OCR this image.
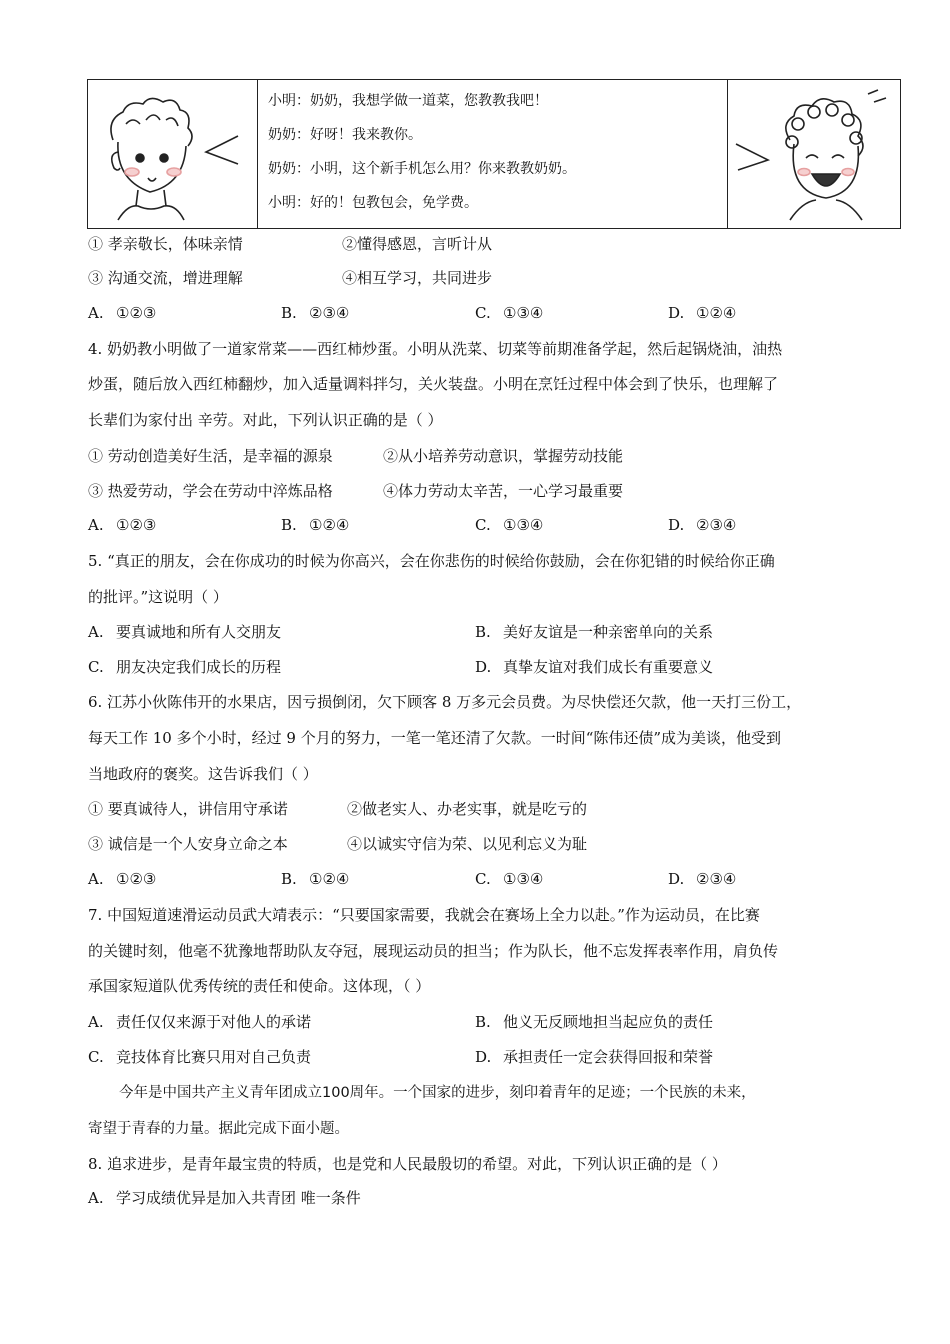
小明：奶奶，我想学做一道菜，您教教我吧！
奶奶：好呀！我来教你。
奶奶：小明，这个新手机怎么用？你来教教奶奶。
小明：好的！包教包会，免学费。
① 孝亲敬长，体味亲情	②懂得感恩，言听计从
③ 沟通交流，增进理解	④相互学习，共同进步
A. ①②③	B. ②③④	C. ①③④	D. ①②④
4. 奶奶教小明做了一道家常菜——西红柿炒蛋。小明从洗菜、切菜等前期准备学起，然后起锅烧油，油热
炒蛋，随后放入西红柿翻炒，加入适量调料拌匀，关火装盘。小明在烹饪过程中体会到了快乐，也理解了
长辈们为家付出 辛劳。对此，下列认识正确的是（ ）
① 劳动创造美好生活，是幸福的源泉	②从小培养劳动意识，掌握劳动技能
③ 热爱劳动，学会在劳动中淬炼品格	④体力劳动太辛苦，一心学习最重要
A. ①②③	B. ①②④	C. ①③④	D. ②③④
5. “真正的朋友，会在你成功的时候为你高兴，会在你悲伤的时候给你鼓励，会在你犯错的时候给你正确
的批评。”这说明（ ）
A. 要真诚地和所有人交朋友	B. 美好友谊是一种亲密单向的关系
C. 朋友决定我们成长的历程	D. 真挚友谊对我们成长有重要意义
6. 江苏小伙陈伟开的水果店，因亏损倒闭，欠下顾客 8 万多元会员费。为尽快偿还欠款，他一天打三份工，
每天工作 10 多个小时，经过 9 个月的努力，一笔一笔还清了欠款。一时间“陈伟还债”成为美谈，他受到
当地政府的褒奖。这告诉我们（ ）
① 要真诚待人，讲信用守承诺	②做老实人、办老实事，就是吃亏的
③ 诚信是一个人安身立命之本	④以诚实守信为荣、以见利忘义为耻
A. ①②③	B. ①②④	C. ①③④	D. ②③④
7. 中国短道速滑运动员武大靖表示：“只要国家需要，我就会在赛场上全力以赴。”作为运动员，在比赛
的关键时刻，他毫不犹豫地帮助队友夺冠，展现运动员的担当；作为队长，他不忘发挥表率作用，肩负传
承国家短道队优秀传统的责任和使命。这体现，（ ）
A. 责任仅仅来源于对他人的承诺	B. 他义无反顾地担当起应负的责任
C. 竞技体育比赛只用对自己负责	D. 承担责任一定会获得回报和荣誉
今年是中国共产主义青年团成立100周年。一个国家的进步，刻印着青年的足迹；一个民族的未来，
寄望于青春的力量。据此完成下面小题。
8. 追求进步，是青年最宝贵的特质，也是党和人民最殷切的希望。对此，下列认识正确的是（ ）
A. 学习成绩优异是加入共青团 唯一条件
